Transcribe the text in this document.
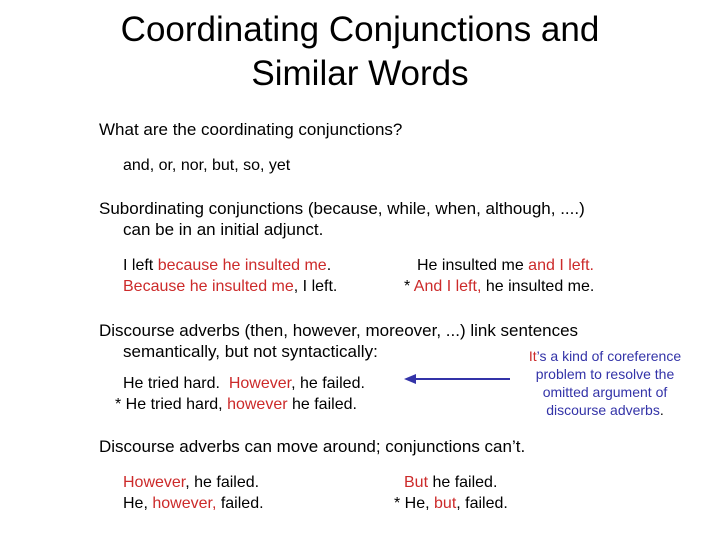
Coordinating Conjunctions and
Similar Words
What are the coordinating conjunctions?
and, or, nor, but, so, yet
Subordinating conjunctions (because, while, when, although, ....)
can be in an initial adjunct.
I left because he insulted me.
Because he insulted me, I left.
He insulted me and I left.
* And I left, he insulted me.
Discourse adverbs (then, however, moreover, ...) link sentences
semantically, but not syntactically:
He tried hard.  However, he failed.
* He tried hard, however he failed.
It’s a kind of coreference
problem to resolve the
omitted argument of
discourse adverbs.
Discourse adverbs can move around; conjunctions can’t.
However, he failed.
He, however, failed.
But he failed.
* He, but, failed.
